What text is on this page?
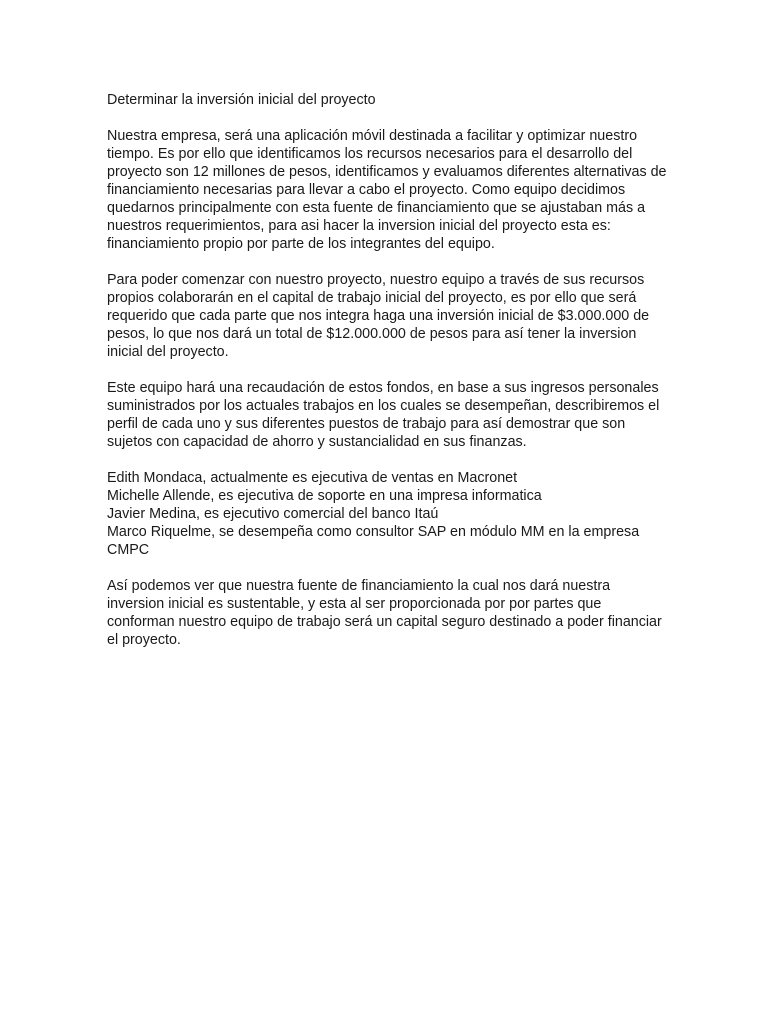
Determinar la inversión inicial del proyecto

Nuestra empresa, será una aplicación móvil destinada a facilitar y optimizar nuestro tiempo. Es por ello que identificamos los recursos necesarios para el desarrollo del proyecto son 12 millones de pesos, identificamos y evaluamos diferentes alternativas de financiamiento necesarias para llevar a cabo el proyecto. Como equipo decidimos quedarnos principalmente con esta fuente de financiamiento que se ajustaban más a nuestros requerimientos, para asi hacer la inversion inicial del proyecto esta es: financiamiento propio por parte de los integrantes del equipo.

Para poder comenzar con nuestro proyecto, nuestro equipo a través de sus recursos propios colaborarán en el capital de trabajo inicial del proyecto, es por ello que será requerido que cada parte que nos integra haga una inversión inicial de $3.000.000 de pesos, lo que nos dará un total de $12.000.000 de pesos para así tener la inversion inicial del proyecto.

Este equipo hará una recaudación de estos fondos, en base a sus ingresos personales suministrados por los actuales trabajos en los cuales se desempeñan, describiremos el perfil de cada uno y sus diferentes puestos de trabajo para así demostrar que son sujetos con capacidad de ahorro y sustancialidad en sus finanzas.

Edith Mondaca, actualmente es ejecutiva de ventas en Macronet
Michelle Allende, es ejecutiva de soporte en una impresa informatica
Javier Medina, es ejecutivo comercial del banco Itaú
Marco Riquelme, se desempeña como consultor SAP en módulo MM en la empresa CMPC

Así podemos ver que nuestra fuente de financiamiento la cual nos dará nuestra inversion inicial es sustentable, y esta al ser proporcionada por por partes que conforman nuestro equipo de trabajo será un capital seguro destinado a poder financiar el proyecto.
